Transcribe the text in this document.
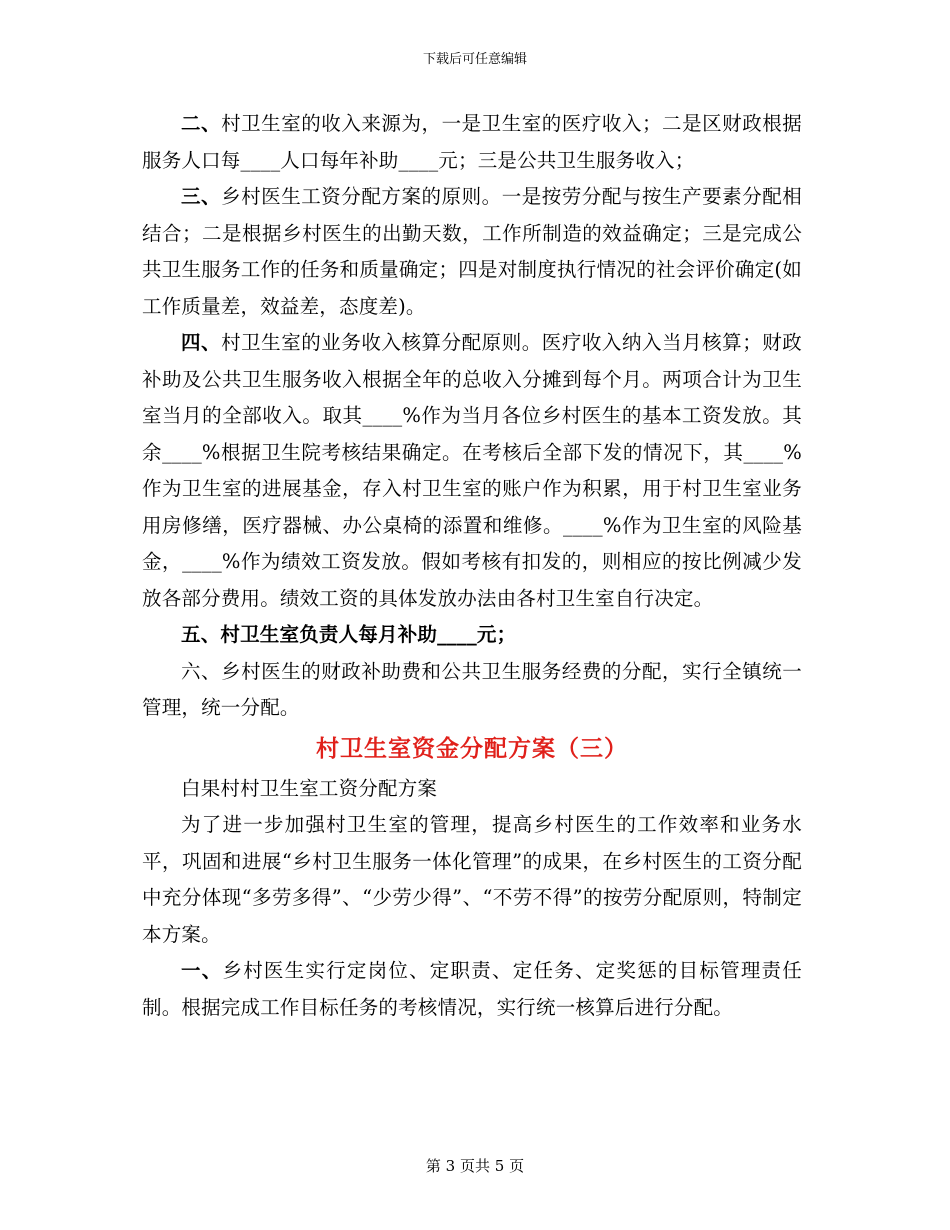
下载后可任意编辑

二、村卫生室的收入来源为，一是卫生室的医疗收入；二是区财政根据服务人口每____人口每年补助____元；三是公共卫生服务收入；

三、乡村医生工资分配方案的原则。一是按劳分配与按生产要素分配相结合；二是根据乡村医生的出勤天数，工作所制造的效益确定；三是完成公共卫生服务工作的任务和质量确定；四是对制度执行情况的社会评价确定(如工作质量差，效益差，态度差)。

四、村卫生室的业务收入核算分配原则。医疗收入纳入当月核算；财政补助及公共卫生服务收入根据全年的总收入分摊到每个月。两项合计为卫生室当月的全部收入。取其____%作为当月各位乡村医生的基本工资发放。其余____%根据卫生院考核结果确定。在考核后全部下发的情况下，其____%作为卫生室的进展基金，存入村卫生室的账户作为积累，用于村卫生室业务用房修缮，医疗器械、办公桌椅的添置和维修。____%作为卫生室的风险基金，____%作为绩效工资发放。假如考核有扣发的，则相应的按比例减少发放各部分费用。绩效工资的具体发放办法由各村卫生室自行决定。

五、村卫生室负责人每月补助____元；

六、乡村医生的财政补助费和公共卫生服务经费的分配，实行全镇统一管理，统一分配。

村卫生室资金分配方案（三）

白果村村卫生室工资分配方案

为了进一步加强村卫生室的管理，提高乡村医生的工作效率和业务水平，巩固和进展“乡村卫生服务一体化管理”的成果，在乡村医生的工资分配中充分体现“多劳多得”、“少劳少得”、“不劳不得”的按劳分配原则，特制定本方案。

一、乡村医生实行定岗位、定职责、定任务、定奖惩的目标管理责任制。根据完成工作目标任务的考核情况，实行统一核算后进行分配。

第 3 页共 5 页
